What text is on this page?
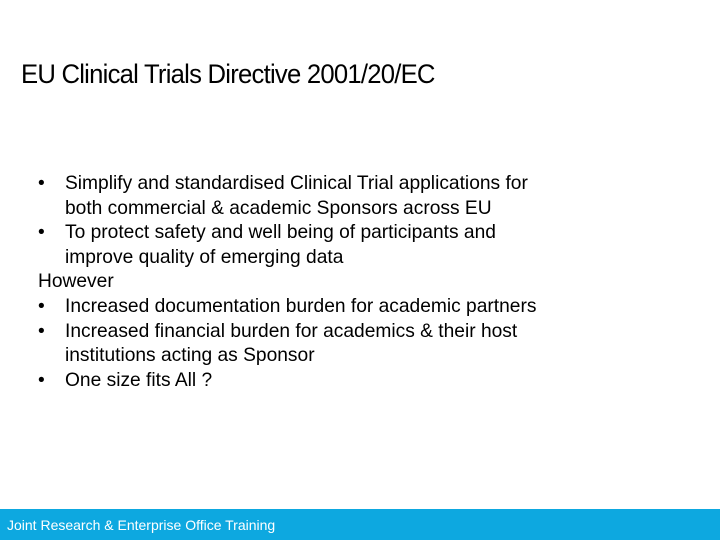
EU Clinical Trials Directive 2001/20/EC
• Simplify and standardised Clinical Trial applications for
both commercial & academic Sponsors across EU
• To protect safety and well being of participants and
improve quality of emerging data
However
• Increased documentation burden for academic partners
• Increased financial burden for academics & their host
institutions acting as Sponsor
• One size fits All ?
Joint Research & Enterprise Office Training
